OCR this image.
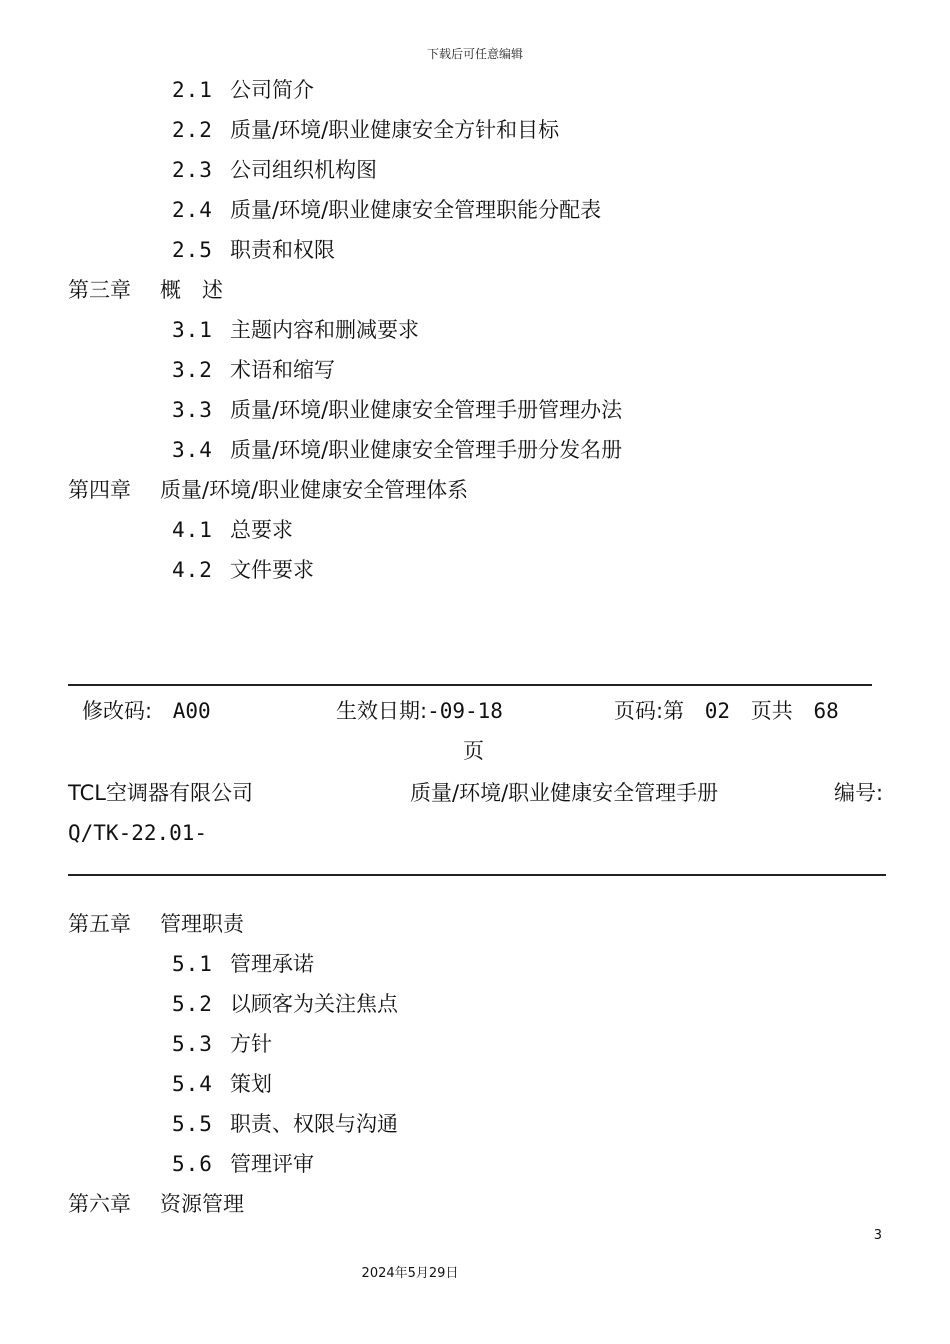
下载后可任意编辑
2.1 公司简介
2.2 质量/环境/职业健康安全方针和目标
2.3 公司组织机构图
2.4 质量/环境/职业健康安全管理职能分配表
2.5 职责和权限
第三章 概　述
3.1 主题内容和删减要求
3.2 术语和缩写
3.3 质量/环境/职业健康安全管理手册管理办法
3.4 质量/环境/职业健康安全管理手册分发名册
第四章 质量/环境/职业健康安全管理体系
4.1 总要求
4.2 文件要求
修改码: A00	生效日期:-09-18	页码:第 02 页共 68
页
TCL空调器有限公司	质量/环境/职业健康安全管理手册	编号:
Q/TK-22.01-
第五章 管理职责
5.1 管理承诺
5.2 以顾客为关注焦点
5.3 方针
5.4 策划
5.5 职责、权限与沟通
5.6 管理评审
第六章 资源管理
3
2024年5月29日
